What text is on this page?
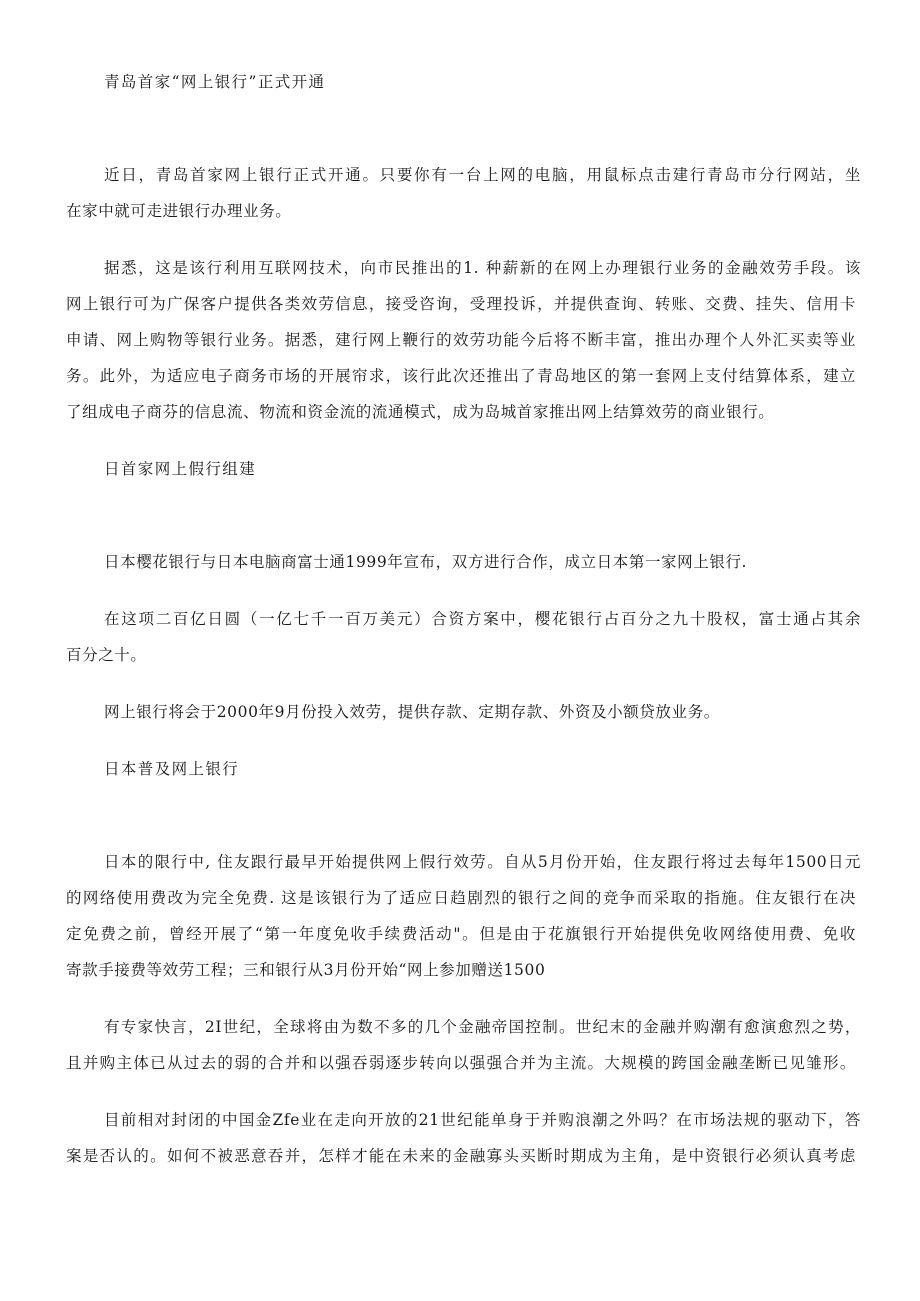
青岛首家“网上银行”正式开通

近日，青岛首家网上银行正式开通。只要你有一台上网的电脑，用鼠标点击建行青岛市分行网站，坐

在家中就可走进银行办理业务。

据悉，这是该行利用互联网技术，向市民推出的1. 种薪新的在网上办理银行业务的金融效劳手段。该

网上银行可为广保客户提供各类效劳信息，接受咨询，受理投诉，并提供查询、转账、交费、挂失、信用卡

申请、网上购物等银行业务。据悉，建行网上鞭行的效劳功能今后将不断丰富，推出办理个人外汇买卖等业

务。此外，为适应电子商务市场的开展帘求，该行此次还推出了青岛地区的第一套网上支付结算体系，建立

了组成电子商芬的信息流、物流和资金流的流通模式，成为岛城首家推出网上结算效劳的商业银行。

日首家网上假行组建

日本樱花银行与日本电脑商富士通1999年宣布，双方进行合作，成立日本第一家网上银行.

在这项二百亿日圆（一亿七千一百万美元）合资方案中，樱花银行占百分之九十股权，富士通占其余

百分之十。

网上银行将会于2000年9月份投入效劳，提供存款、定期存款、外资及小额贷放业务。

日本普及网上银行

日本的限行中, 住友跟行最早开始提供网上假行效劳。自从5月份开始，住友跟行将过去每年1500日元

的网络使用费改为完全免费. 这是该银行为了适应日趋剧烈的银行之间的竞争而采取的指施。住友银行在决

定免费之前，曾经开展了“第一年度免收手续费活动"。但是由于花旗银行开始提供免收网络使用费、免收

寄款手接费等效劳工程；三和银行从3月份开始“网上参加赠送1500

有专家快言，2I世纪，全球将由为数不多的几个金融帝国控制。世纪末的金融并购潮有愈演愈烈之势，

且并购主体已从过去的弱的合并和以强吞弱逐步转向以强强合并为主流。大规模的跨国金融垄断已见雏形。

目前相对封闭的中国金Zfe业在走向开放的21世纪能单身于并购浪潮之外吗？在市场法规的驱动下，答

案是否认的。如何不被恶意吞并，怎样才能在未来的金融寡头买断时期成为主角，是中资银行必须认真考虑
